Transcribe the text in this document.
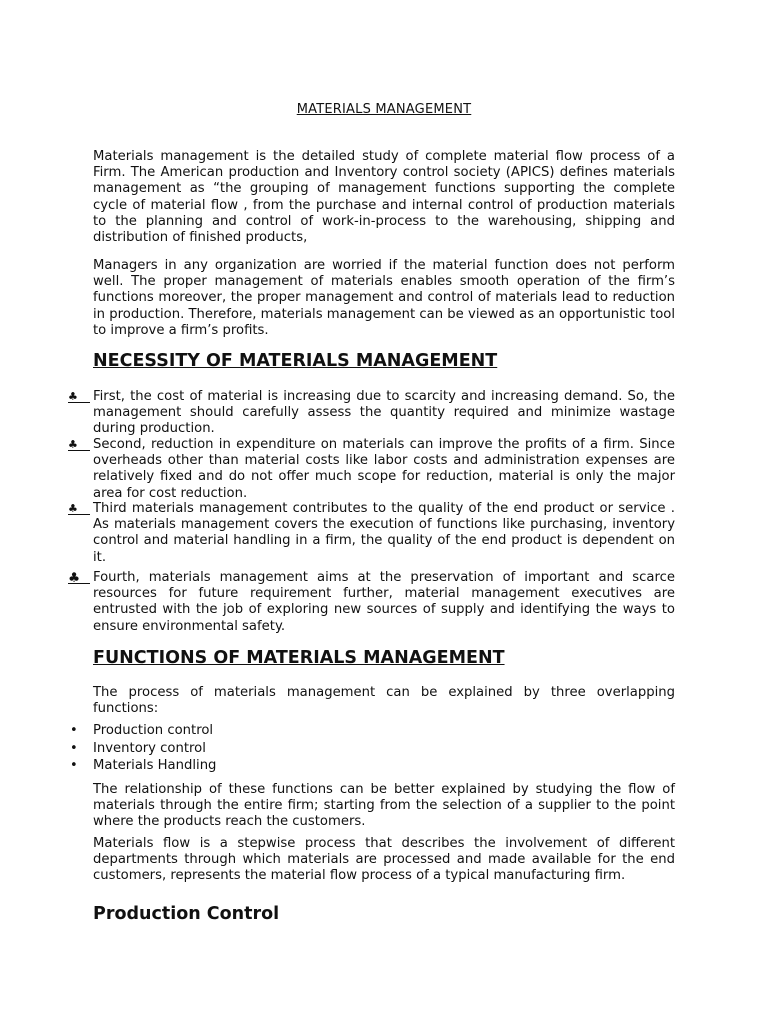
MATERIALS MANAGEMENT

Materials management is the detailed study of complete material flow process of a Firm. The American production and Inventory control society (APICS) defines materials management as “the grouping of management functions supporting the complete cycle of material flow , from the purchase and internal control of production materials to the planning and control of work-in-process to the warehousing, shipping and distribution of finished products,

Managers in any organization are worried if the material function does not perform well. The proper management of materials enables smooth operation of the firm’s functions moreover, the proper management and control of materials lead to reduction in production. Therefore, materials management can be viewed as an opportunistic tool to improve a firm’s profits.

NECESSITY OF MATERIALS MANAGEMENT
♣	First, the cost of material is increasing due to scarcity and increasing demand. So, the management should carefully assess the quantity required and minimize wastage during production.
♣	Second, reduction in expenditure on materials can improve the profits of a firm. Since overheads other than material costs like labor costs and administration expenses are relatively fixed and do not offer much scope for reduction, material is only the major area for cost reduction.
♣	Third materials management contributes to the quality of the end product or service . As materials management covers the execution of functions like purchasing, inventory control and material handling in a firm, the quality of the end product is dependent on it.
♣ Fourth, materials management aims at the preservation of important and scarce resources for future requirement further, material management executives are entrusted with the job of exploring new sources of supply and identifying the ways to ensure environmental safety.
FUNCTIONS OF MATERIALS MANAGEMENT

The process of materials management can be explained by three overlapping functions:

• Production control
• Inventory control
• Materials Handling

The relationship of these functions can be better explained by studying the flow of materials through the entire firm; starting from the selection of a supplier to the point where the products reach the customers.

Materials flow is a stepwise process that describes the involvement of different departments through which materials are processed and made available for the end customers, represents the material flow process of a typical manufacturing firm.

Production Control
